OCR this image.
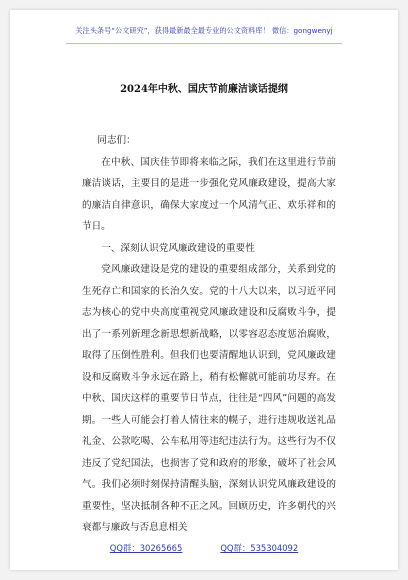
关注头条号“公文研究”，获得最新最全最专业的公文资料库！ 微信：gongwenyj
2024年中秋、国庆节前廉洁谈话提纲

同志们：

在中秋、国庆佳节即将来临之际，我们在这里进行节前廉洁谈话，主要目的是进一步强化党风廉政建设，提高大家的廉洁自律意识，确保大家度过一个风清气正、欢乐祥和的节日。

一、深刻认识党风廉政建设的重要性

党风廉政建设是党的建设的重要组成部分，关系到党的生死存亡和国家的长治久安。党的十八大以来，以习近平同志为核心的党中央高度重视党风廉政建设和反腐败斗争，提出了一系列新理念新思想新战略，以零容忍态度惩治腐败，取得了压倒性胜利。但我们也要清醒地认识到，党风廉政建设和反腐败斗争永远在路上，稍有松懈就可能前功尽弃。在中秋、国庆这样的重要节日节点，往往是“四风”问题的高发期。一些人可能会打着人情往来的幌子，进行违规收送礼品礼金、公款吃喝、公车私用等违纪违法行为。这些行为不仅违反了党纪国法，也损害了党和政府的形象，破坏了社会风气。我们必须时刻保持清醒头脑，深刻认识党风廉政建设的重要性，坚决抵制各种不正之风。回顾历史，许多朝代的兴衰都与廉政与否息息相关

QQ群：30265665	QQ群：535304092
